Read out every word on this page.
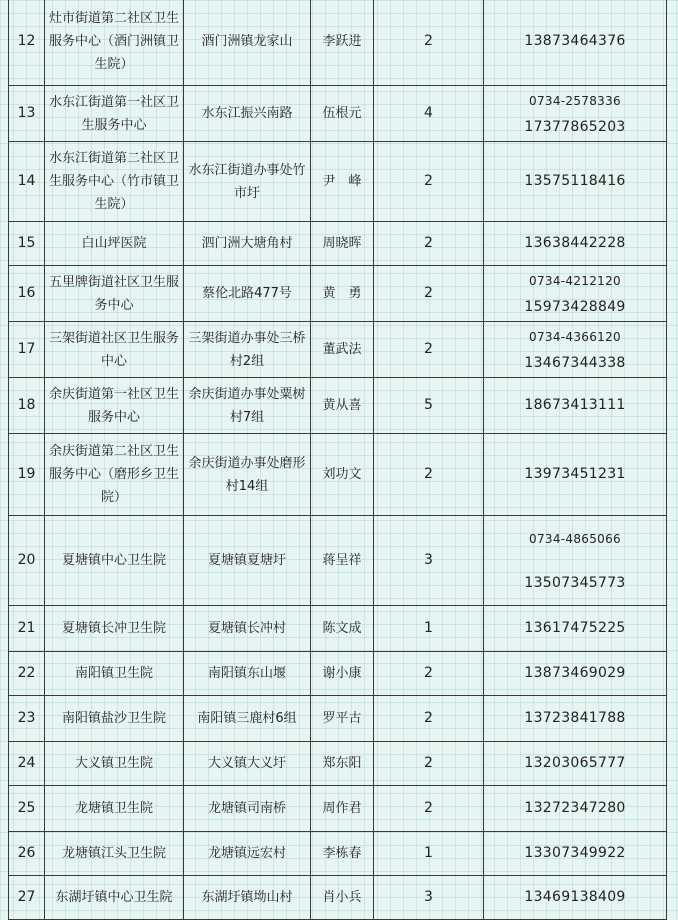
12	灶市街道第二社区卫生服务中心（酒门洲镇卫生院）	酒门洲镇龙家山	李跃进	2	13873464376
13	水东江街道第一社区卫生服务中心	水东江振兴南路	伍根元	4	0734-2578336
17377865203

14	水东江街道第二社区卫生服务中心（竹市镇卫生院）	水东江街道办事处竹市圩	尹　峰	2	13575118416
15	白山坪医院	泗门洲大塘角村	周晓晖	2	13638442228
16	五里牌街道社区卫生服务中心	蔡伦北路477号	黄　勇	2	0734-4212120
15973428849

17	三架街道社区卫生服务中心	三架街道办事处三桥村2组	董武法	2	0734-4366120
13467344338

18	余庆街道第一社区卫生服务中心	余庆街道办事处粟树村7组	黄从喜	5	18673413111
19	余庆街道第二社区卫生服务中心（磨形乡卫生院）	余庆街道办事处磨形村14组	刘功文	2	13973451231
20	夏塘镇中心卫生院	夏塘镇夏塘圩	蒋呈祥	3	0734-4865066
13507345773

21	夏塘镇长冲卫生院	夏塘镇长冲村	陈文成	1	13617475225
22	南阳镇卫生院	南阳镇东山堰	谢小康	2	13873469029
23	南阳镇盐沙卫生院	南阳镇三鹿村6组	罗平古	2	13723841788
24	大义镇卫生院	大义镇大义圩	郑东阳	2	13203065777
25	龙塘镇卫生院	龙塘镇司南桥	周作君	2	13272347280
26	龙塘镇江头卫生院	龙塘镇远宏村	李栋春	1	13307349922
27	东湖圩镇中心卫生院	东湖圩镇坳山村	肖小兵	3	13469138409
